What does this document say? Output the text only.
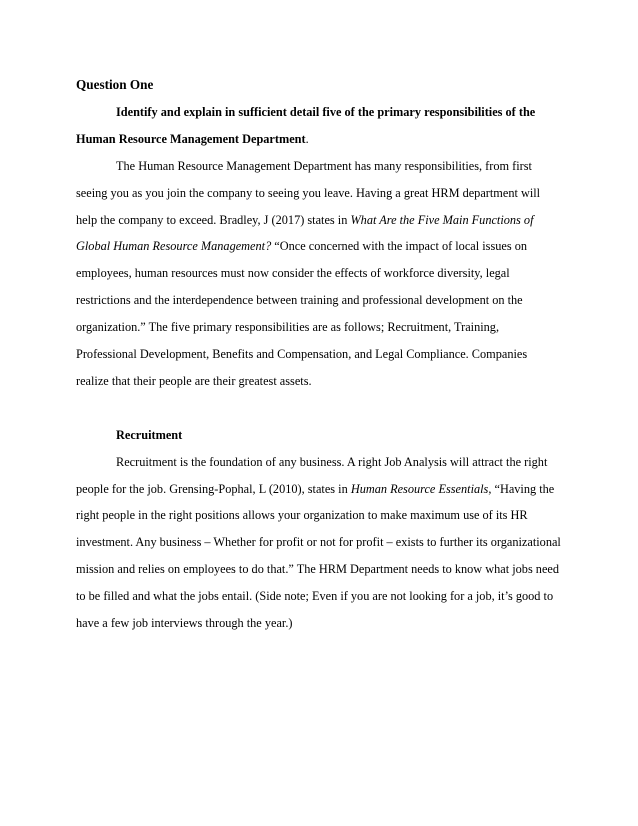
Question One

Identify and explain in sufficient detail five of the primary responsibilities of the Human Resource Management Department.

The Human Resource Management Department has many responsibilities, from first seeing you as you join the company to seeing you leave. Having a great HRM department will help the company to exceed. Bradley, J (2017) states in What Are the Five Main Functions of Global Human Resource Management? “Once concerned with the impact of local issues on employees, human resources must now consider the effects of workforce diversity, legal restrictions and the interdependence between training and professional development on the organization.” The five primary responsibilities are as follows; Recruitment, Training, Professional Development, Benefits and Compensation, and Legal Compliance. Companies realize that their people are their greatest assets.

Recruitment

Recruitment is the foundation of any business. A right Job Analysis will attract the right people for the job. Grensing-Pophal, L (2010), states in Human Resource Essentials, “Having the right people in the right positions allows your organization to make maximum use of its HR investment. Any business – Whether for profit or not for profit – exists to further its organizational mission and relies on employees to do that.” The HRM Department needs to know what jobs need to be filled and what the jobs entail. (Side note; Even if you are not looking for a job, it’s good to have a few job interviews through the year.)
